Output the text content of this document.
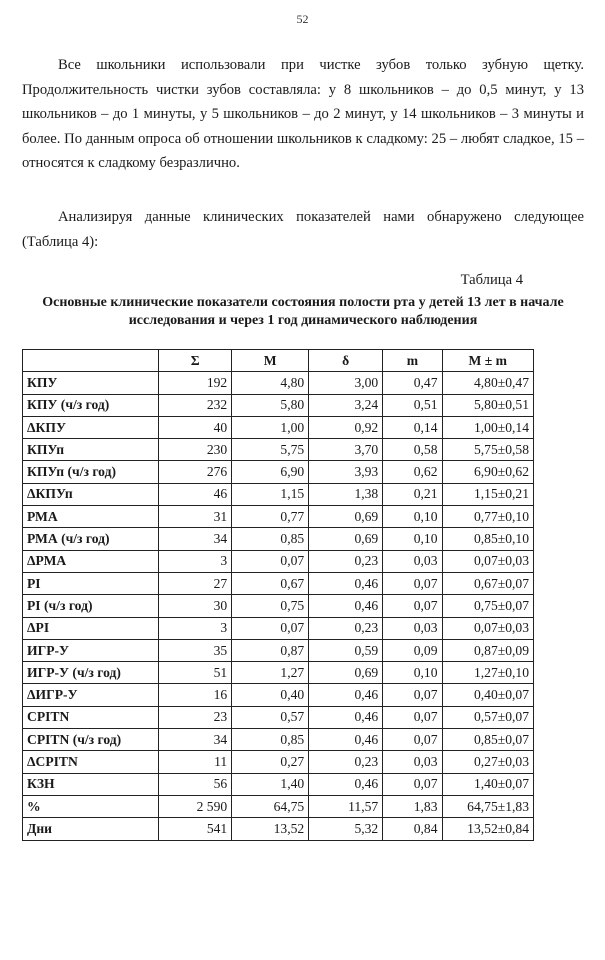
52

Все школьники использовали при чистке зубов только зубную щетку. Продолжительность чистки зубов составляла: у 8 школьников – до 0,5 минут, у 13 школьников – до 1 минуты, у 5 школьников – до 2 минут, у 14 школьников – 3 минуты и более. По данным опроса об отношении школьников к сладкому: 25 – любят сладкое, 15 – относятся к сладкому безразлично.

Анализируя данные клинических показателей нами обнаружено следующее (Таблица 4):

Таблица 4
Основные клинические показатели состояния полости рта у детей 13 лет в начале исследования и через 1 год динамического наблюдения
	Σ	M	δ	m	M ± m
КПУ	192	4,80	3,00	0,47	4,80±0,47
КПУ (ч/з год)	232	5,80	3,24	0,51	5,80±0,51
ΔКПУ	40	1,00	0,92	0,14	1,00±0,14
КПУп	230	5,75	3,70	0,58	5,75±0,58
КПУп (ч/з год)	276	6,90	3,93	0,62	6,90±0,62
ΔКПУп	46	1,15	1,38	0,21	1,15±0,21
РМА	31	0,77	0,69	0,10	0,77±0,10
РМА (ч/з год)	34	0,85	0,69	0,10	0,85±0,10
ΔРМА	3	0,07	0,23	0,03	0,07±0,03
PI	27	0,67	0,46	0,07	0,67±0,07
PI (ч/з год)	30	0,75	0,46	0,07	0,75±0,07
ΔPI	3	0,07	0,23	0,03	0,07±0,03
ИГР-У	35	0,87	0,59	0,09	0,87±0,09
ИГР-У (ч/з год)	51	1,27	0,69	0,10	1,27±0,10
ΔИГР-У	16	0,40	0,46	0,07	0,40±0,07
CPITN	23	0,57	0,46	0,07	0,57±0,07
CPITN (ч/з год)	34	0,85	0,46	0,07	0,85±0,07
ΔCPITN	11	0,27	0,23	0,03	0,27±0,03
КЗН	56	1,40	0,46	0,07	1,40±0,07
%	2 590	64,75	11,57	1,83	64,75±1,83
Дни	541	13,52	5,32	0,84	13,52±0,84
